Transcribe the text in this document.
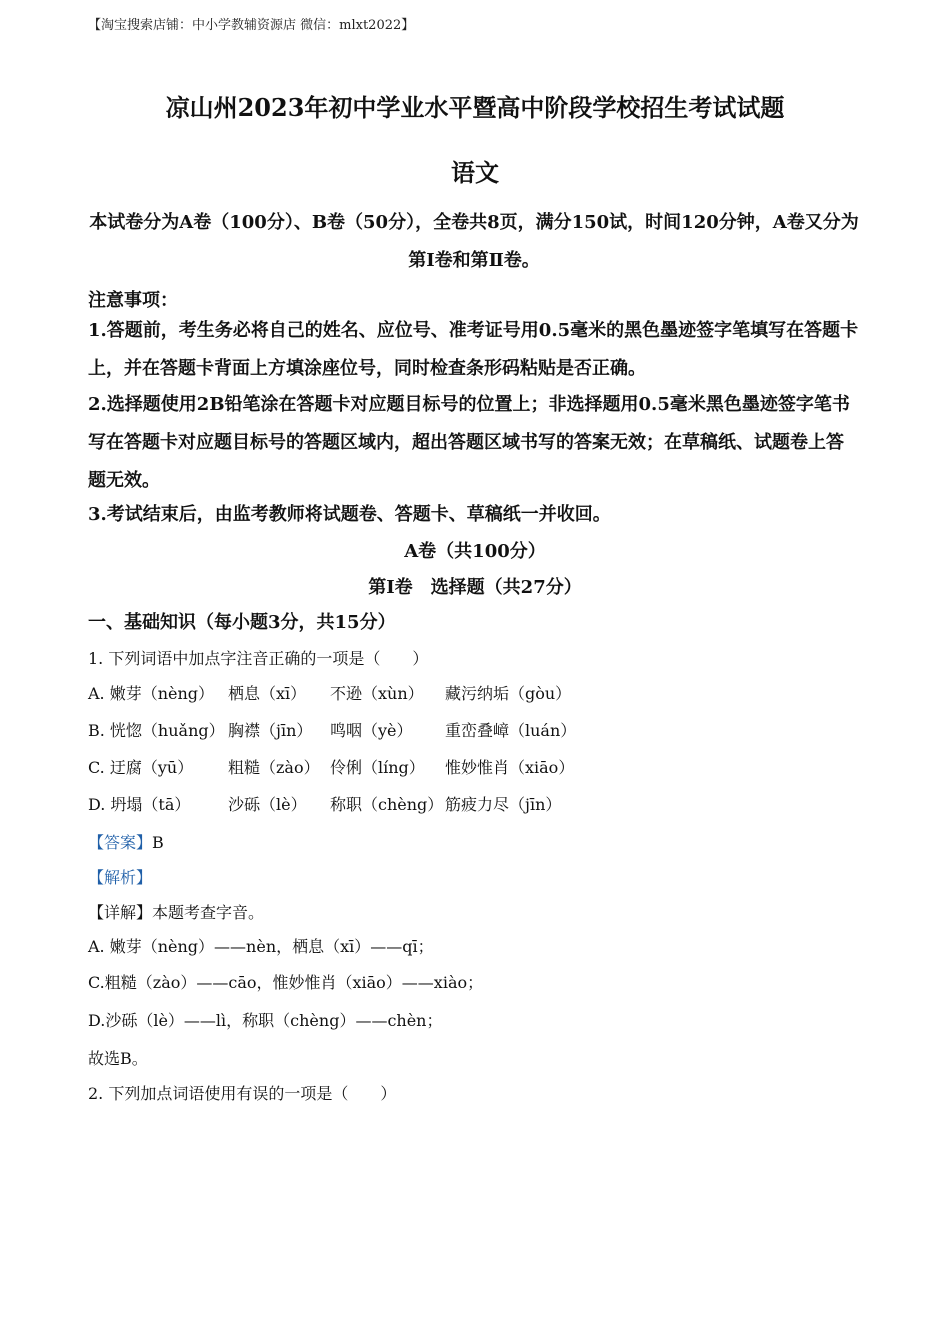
【淘宝搜索店铺：中小学教辅资源店 微信：mlxt2022】
凉山州2023年初中学业水平暨高中阶段学校招生考试试题
语文
本试卷分为A卷（100分）、B卷（50分），全卷共8页，满分150试，时间120分钟，A卷又分为第Ⅰ卷和第Ⅱ卷。
注意事项：
1.答题前，考生务必将自己的姓名、应位号、准考证号用0.5毫米的黑色墨迹签字笔填写在答题卡上，并在答题卡背面上方填涂座位号，同时检查条形码粘贴是否正确。
2.选择题使用2B铅笔涂在答题卡对应题目标号的位置上；非选择题用0.5毫米黑色墨迹签字笔书写在答题卡对应题目标号的答题区域内，超出答题区域书写的答案无效；在草稿纸、试题卷上答题无效。
3.考试结束后，由监考教师将试题卷、答题卡、草稿纸一并收回。
A卷（共100分）
第Ⅰ卷　选择题（共27分）
一、基础知识（每小题3分，共15分）
1. 下列词语中加点字注音正确的一项是（　　）
A. 嫩芽（nèng） 栖息（xī） 不逊（xùn） 藏污纳垢（gòu）
B. 恍惚（huǎng） 胸襟（jīn） 鸣咽（yè） 重峦叠嶂（luán）
C. 迂腐（yū） 粗糙（zào） 伶俐（líng） 惟妙惟肖（xiāo）
D. 坍塌（tā） 沙砾（lè） 称职（chèng） 筋疲力尽（jīn）
【答案】B
【解析】
【详解】本题考查字音。
A. 嫩芽（nèng）——nèn，栖息（xī）——qī；
C.粗糙（zào）——cāo，惟妙惟肖（xiāo）——xiào；
D.沙砾（lè）——lì，称职（chèng）——chèn；
故选B。
2. 下列加点词语使用有误的一项是（　　）
